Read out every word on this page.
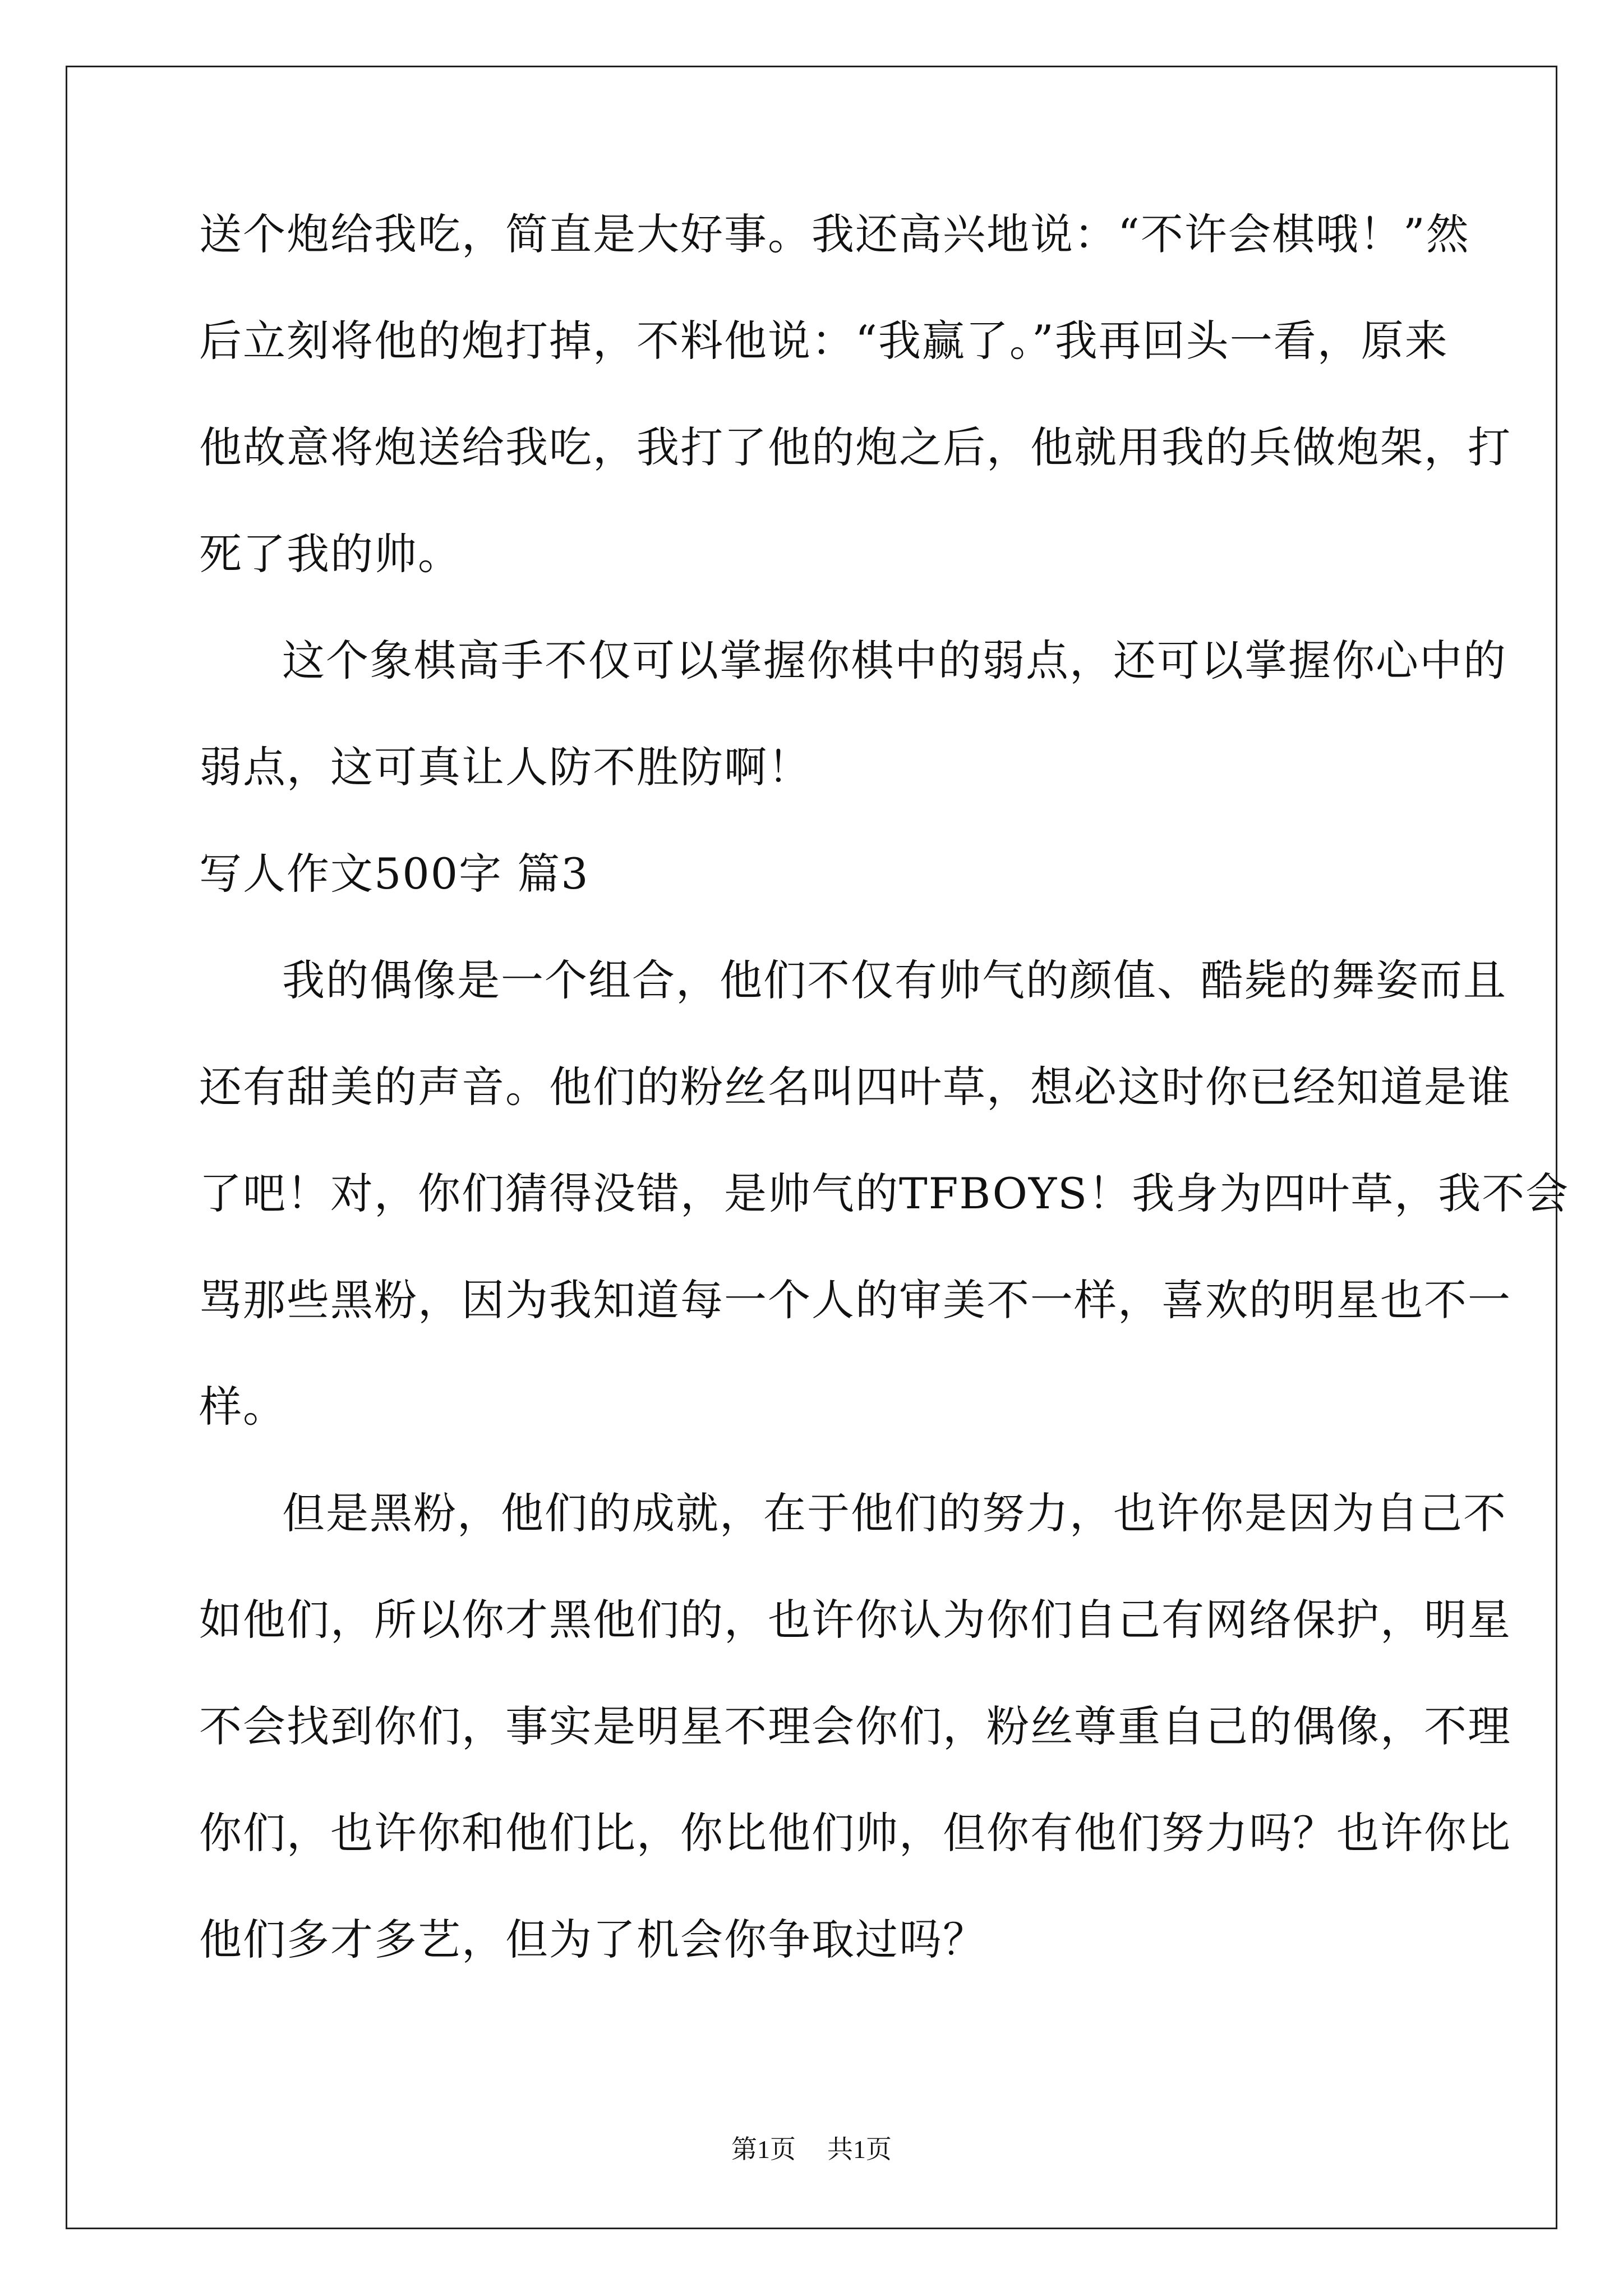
送个炮给我吃，简直是大好事。我还高兴地说：“不许会棋哦！”然
后立刻将他的炮打掉，不料他说：“我赢了。”我再回头一看，原来
他故意将炮送给我吃，我打了他的炮之后，他就用我的兵做炮架，打
死了我的帅。
这个象棋高手不仅可以掌握你棋中的弱点，还可以掌握你心中的
弱点，这可真让人防不胜防啊！
写人作文500字 篇3
我的偶像是一个组合，他们不仅有帅气的颜值、酷毙的舞姿而且
还有甜美的声音。他们的粉丝名叫四叶草，想必这时你已经知道是谁
了吧！对，你们猜得没错，是帅气的TFBOYS！我身为四叶草，我不会
骂那些黑粉，因为我知道每一个人的审美不一样，喜欢的明星也不一
样。
但是黑粉，他们的成就，在于他们的努力，也许你是因为自己不
如他们，所以你才黑他们的，也许你认为你们自己有网络保护，明星
不会找到你们，事实是明星不理会你们，粉丝尊重自己的偶像，不理
你们，也许你和他们比，你比他们帅，但你有他们努力吗？也许你比
他们多才多艺，但为了机会你争取过吗？
第1页 共1页
